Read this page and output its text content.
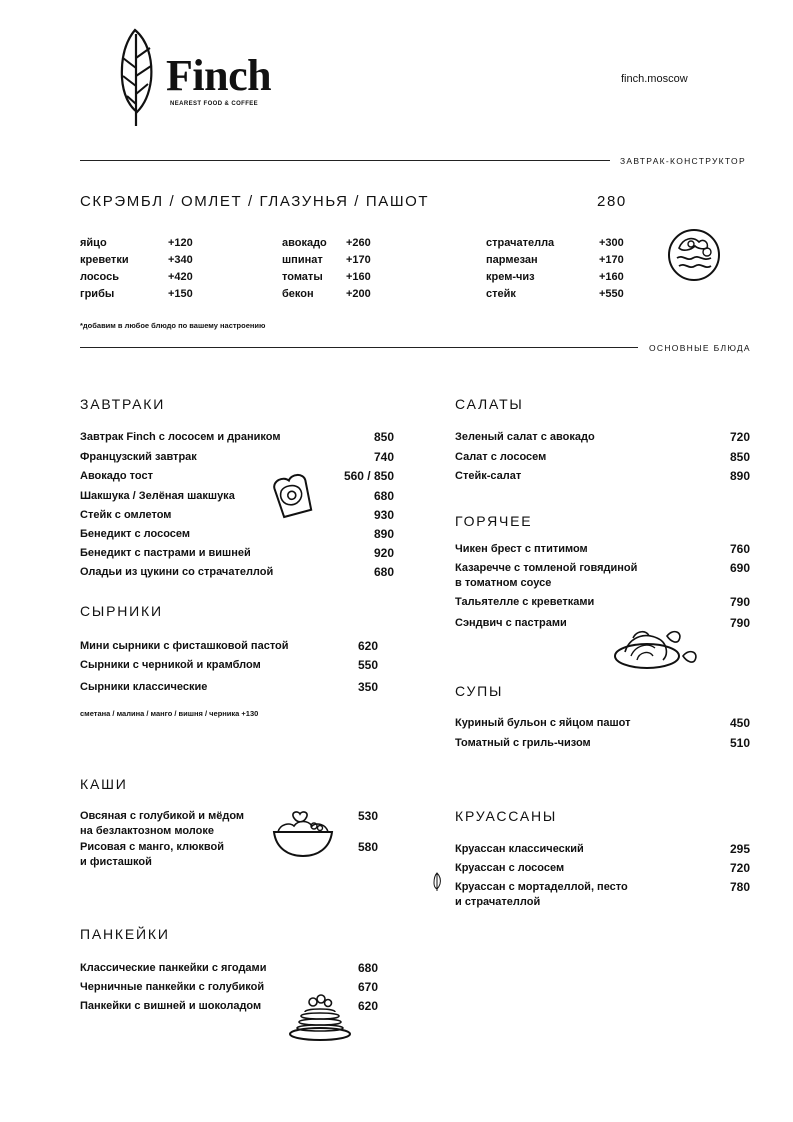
Finch
NEAREST FOOD & COFFEE
finch.moscow
ЗАВТРАК-КОНСТРУКТОР
СКРЭМБЛ / ОМЛЕТ / ГЛАЗУНЬЯ / ПАШОТ	280
яйцо	+120
креветки	+340
лосось	+420
грибы	+150
авокадо +260
шпинат +170
томаты +160
бекон	+200
страчателла	+300
пармезан	+170
крем-чиз	+160
стейк	+550
*добавим в любое блюдо по вашему настроению
ОСНОВНЫЕ БЛЮДА
ЗАВТРАКИ
СЫРНИКИ
КАШИ
ПАНКЕЙКИ
САЛАТЫ
ГОРЯЧЕЕ
СУПЫ
КРУАССАНЫ
Завтрак Finch с лососем и драником	850
Французский завтрак	740
Авокадо тост	560 / 850
Шакшука / Зелёная шакшука	680
Стейк с омлетом	930
Бенедикт с лососем	890
Бенедикт с пастрами и вишней	920
Оладьи из цукини со страчателлой	680
Мини сырники с фисташковой пастой	620
Сырники с черникой и крамблом	550
Сырники классические	350
Классические панкейки с ягодами	680
Черничные панкейки с голубикой	670
Панкейки с вишней и шоколадом	620
Зеленый салат с авокадо	720
Салат с лососем	850
Стейк-салат	890
Куриный бульон с яйцом пашот	450
Томатный с гриль-чизом	510
Овсяная с голубикой и мёдом
на безлактозном молоке
530
Рисовая с манго, клюквой
и фисташкой
580
Чикен брест с птитимом	760
Казаречче с томленой говядиной
в томатном соусе
690
Тальятелле с креветками	790
Сэндвич с пастрами	790
Круассан классический	295
Круассан с лососем	720
Круассан с мортаделлой, песто
и страчателлой
780
сметана / малина / манго / вишня / черника +130
